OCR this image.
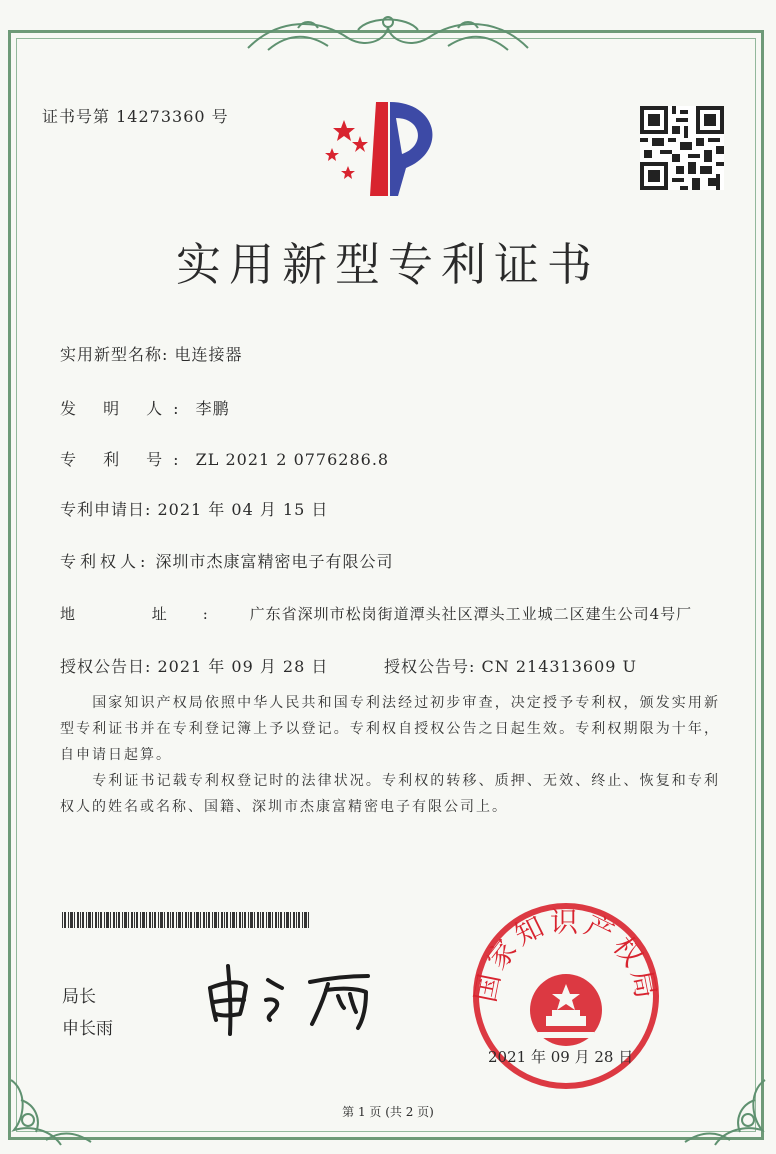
证书号第 14273360 号
实用新型专利证书
实用新型名称: 电连接器
发 明 人: 李鹏
专 利 号: ZL 2021 2 0776286.8
专利申请日: 2021 年 04 月 15 日
专利权人: 深圳市杰康富精密电子有限公司
地 址: 广东省深圳市松岗街道潭头社区潭头工业城二区建生公司4号厂
授权公告日: 2021 年 09 月 28 日	授权公告号: CN 214313609 U
国家知识产权局依照中华人民共和国专利法经过初步审查，决定授予专利权，颁发实用新型专利证书并在专利登记簿上予以登记。专利权自授权公告之日起生效。专利权期限为十年，自申请日起算。
专利证书记载专利权登记时的法律状况。专利权的转移、质押、无效、终止、恢复和专利权人的姓名或名称、国籍、深圳市杰康富精密电子有限公司上。
局长
申长雨
国家知识产权局
2021 年 09 月 28 日
第 1 页 (共 2 页)
